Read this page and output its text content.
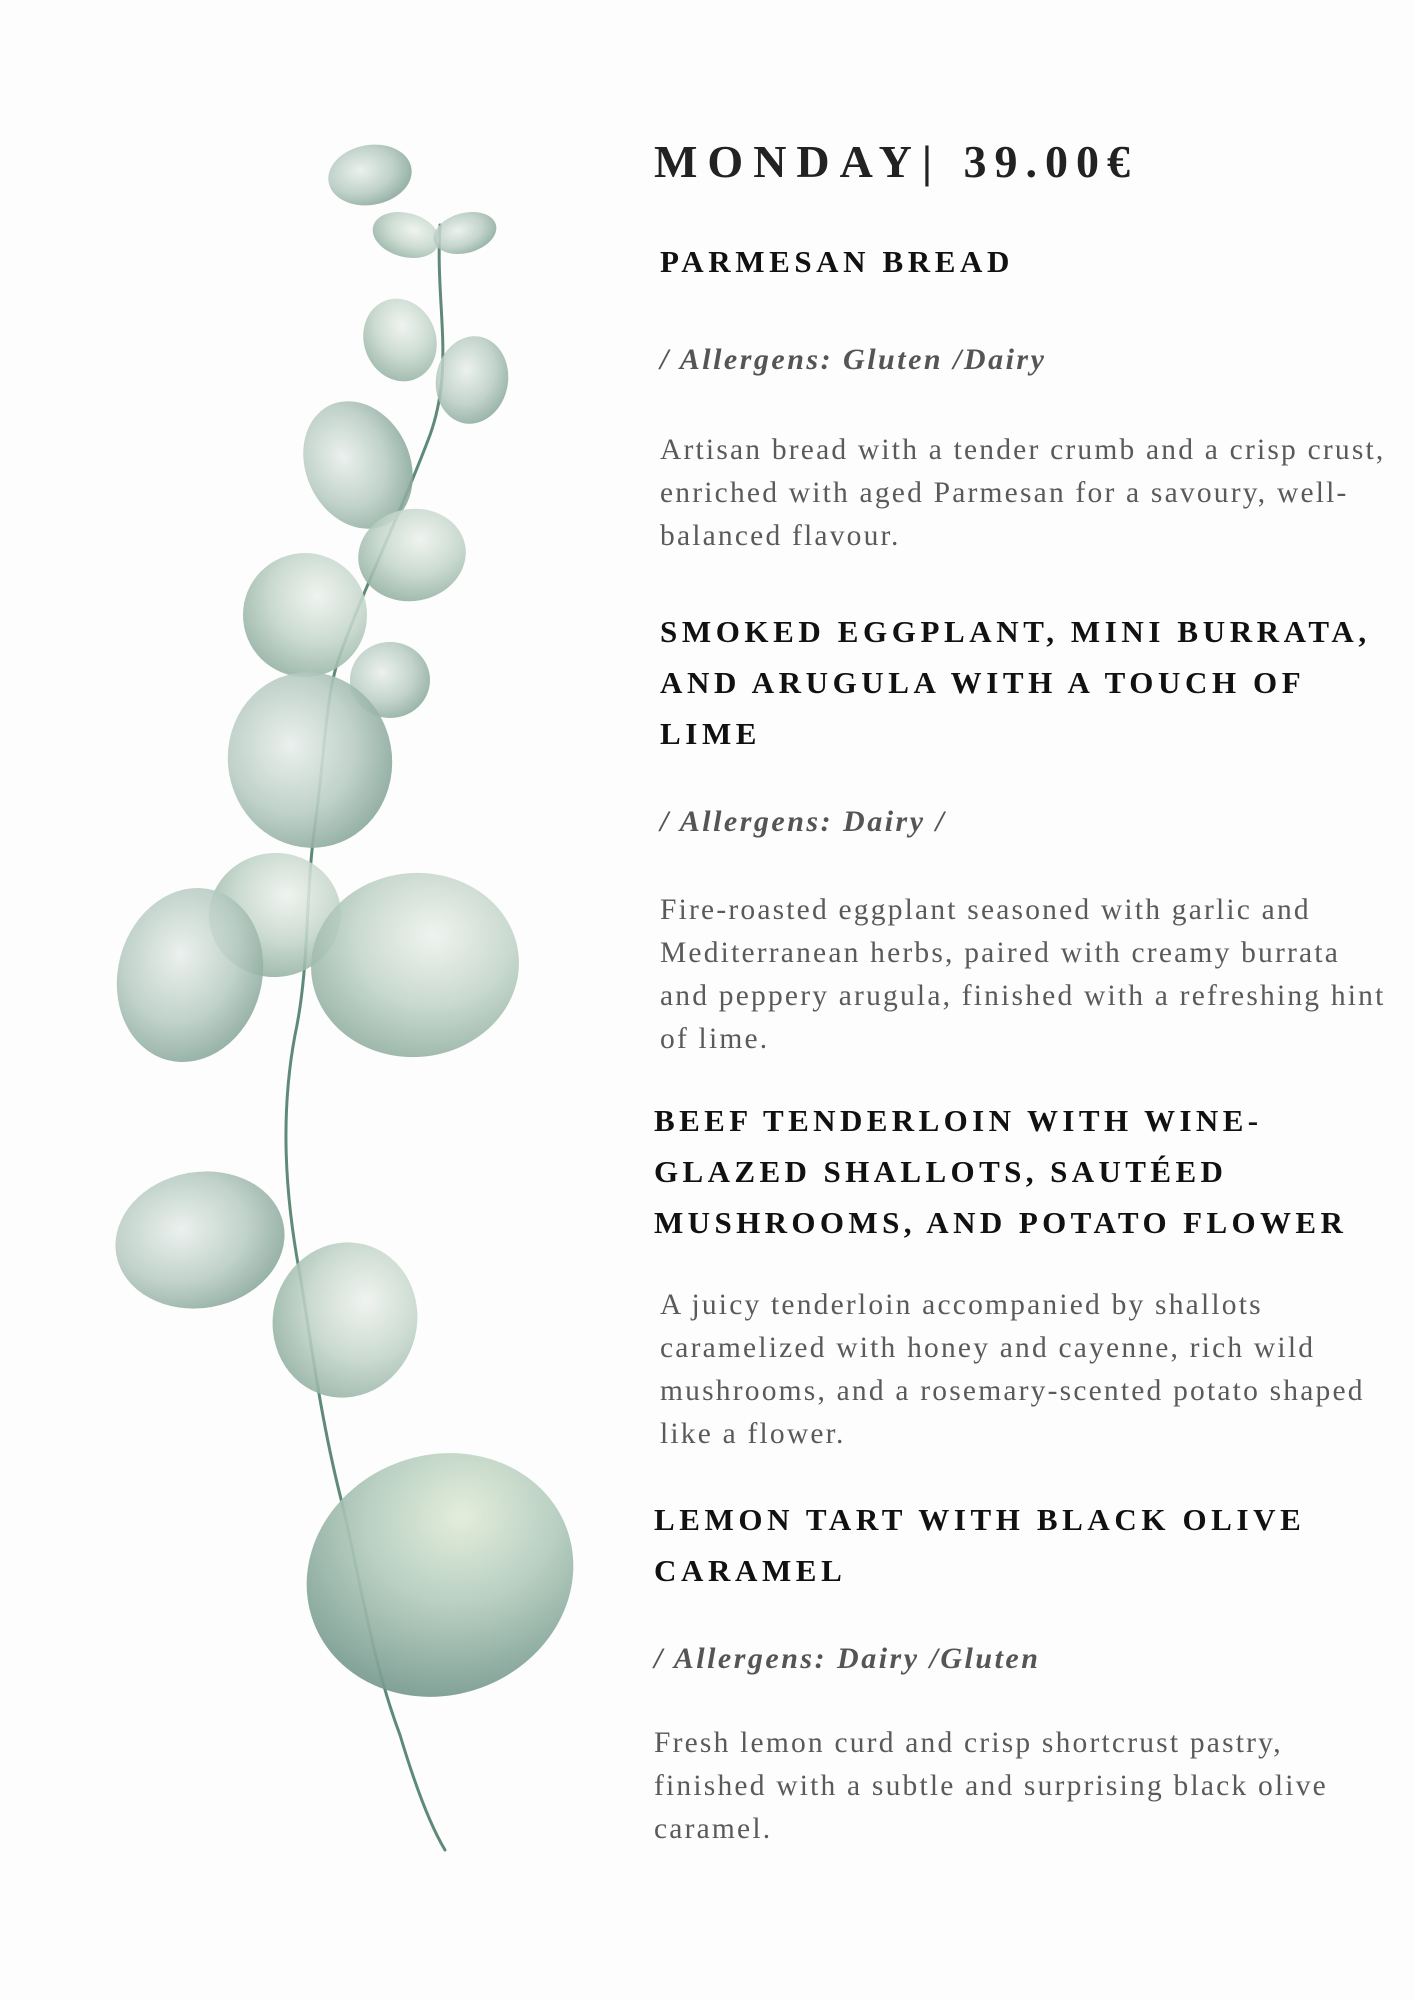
MONDAY| 39.00€
PARMESAN BREAD

/ Allergens: Gluten /Dairy

Artisan bread with a tender crumb and a crisp crust, enriched with aged Parmesan for a savoury, well-balanced flavour.

SMOKED EGGPLANT, MINI BURRATA, AND ARUGULA WITH A TOUCH OF LIME

/ Allergens: Dairy /

Fire-roasted eggplant seasoned with garlic and Mediterranean herbs, paired with creamy burrata and peppery arugula, finished with a refreshing hint of lime.

BEEF TENDERLOIN WITH WINE-GLAZED SHALLOTS, SAUTÉED MUSHROOMS, AND POTATO FLOWER

A juicy tenderloin accompanied by shallots caramelized with honey and cayenne, rich wild mushrooms, and a rosemary-scented potato shaped like a flower.

LEMON TART WITH BLACK OLIVE CARAMEL

/ Allergens: Dairy /Gluten

Fresh lemon curd and crisp shortcrust pastry, finished with a subtle and surprising black olive caramel.
